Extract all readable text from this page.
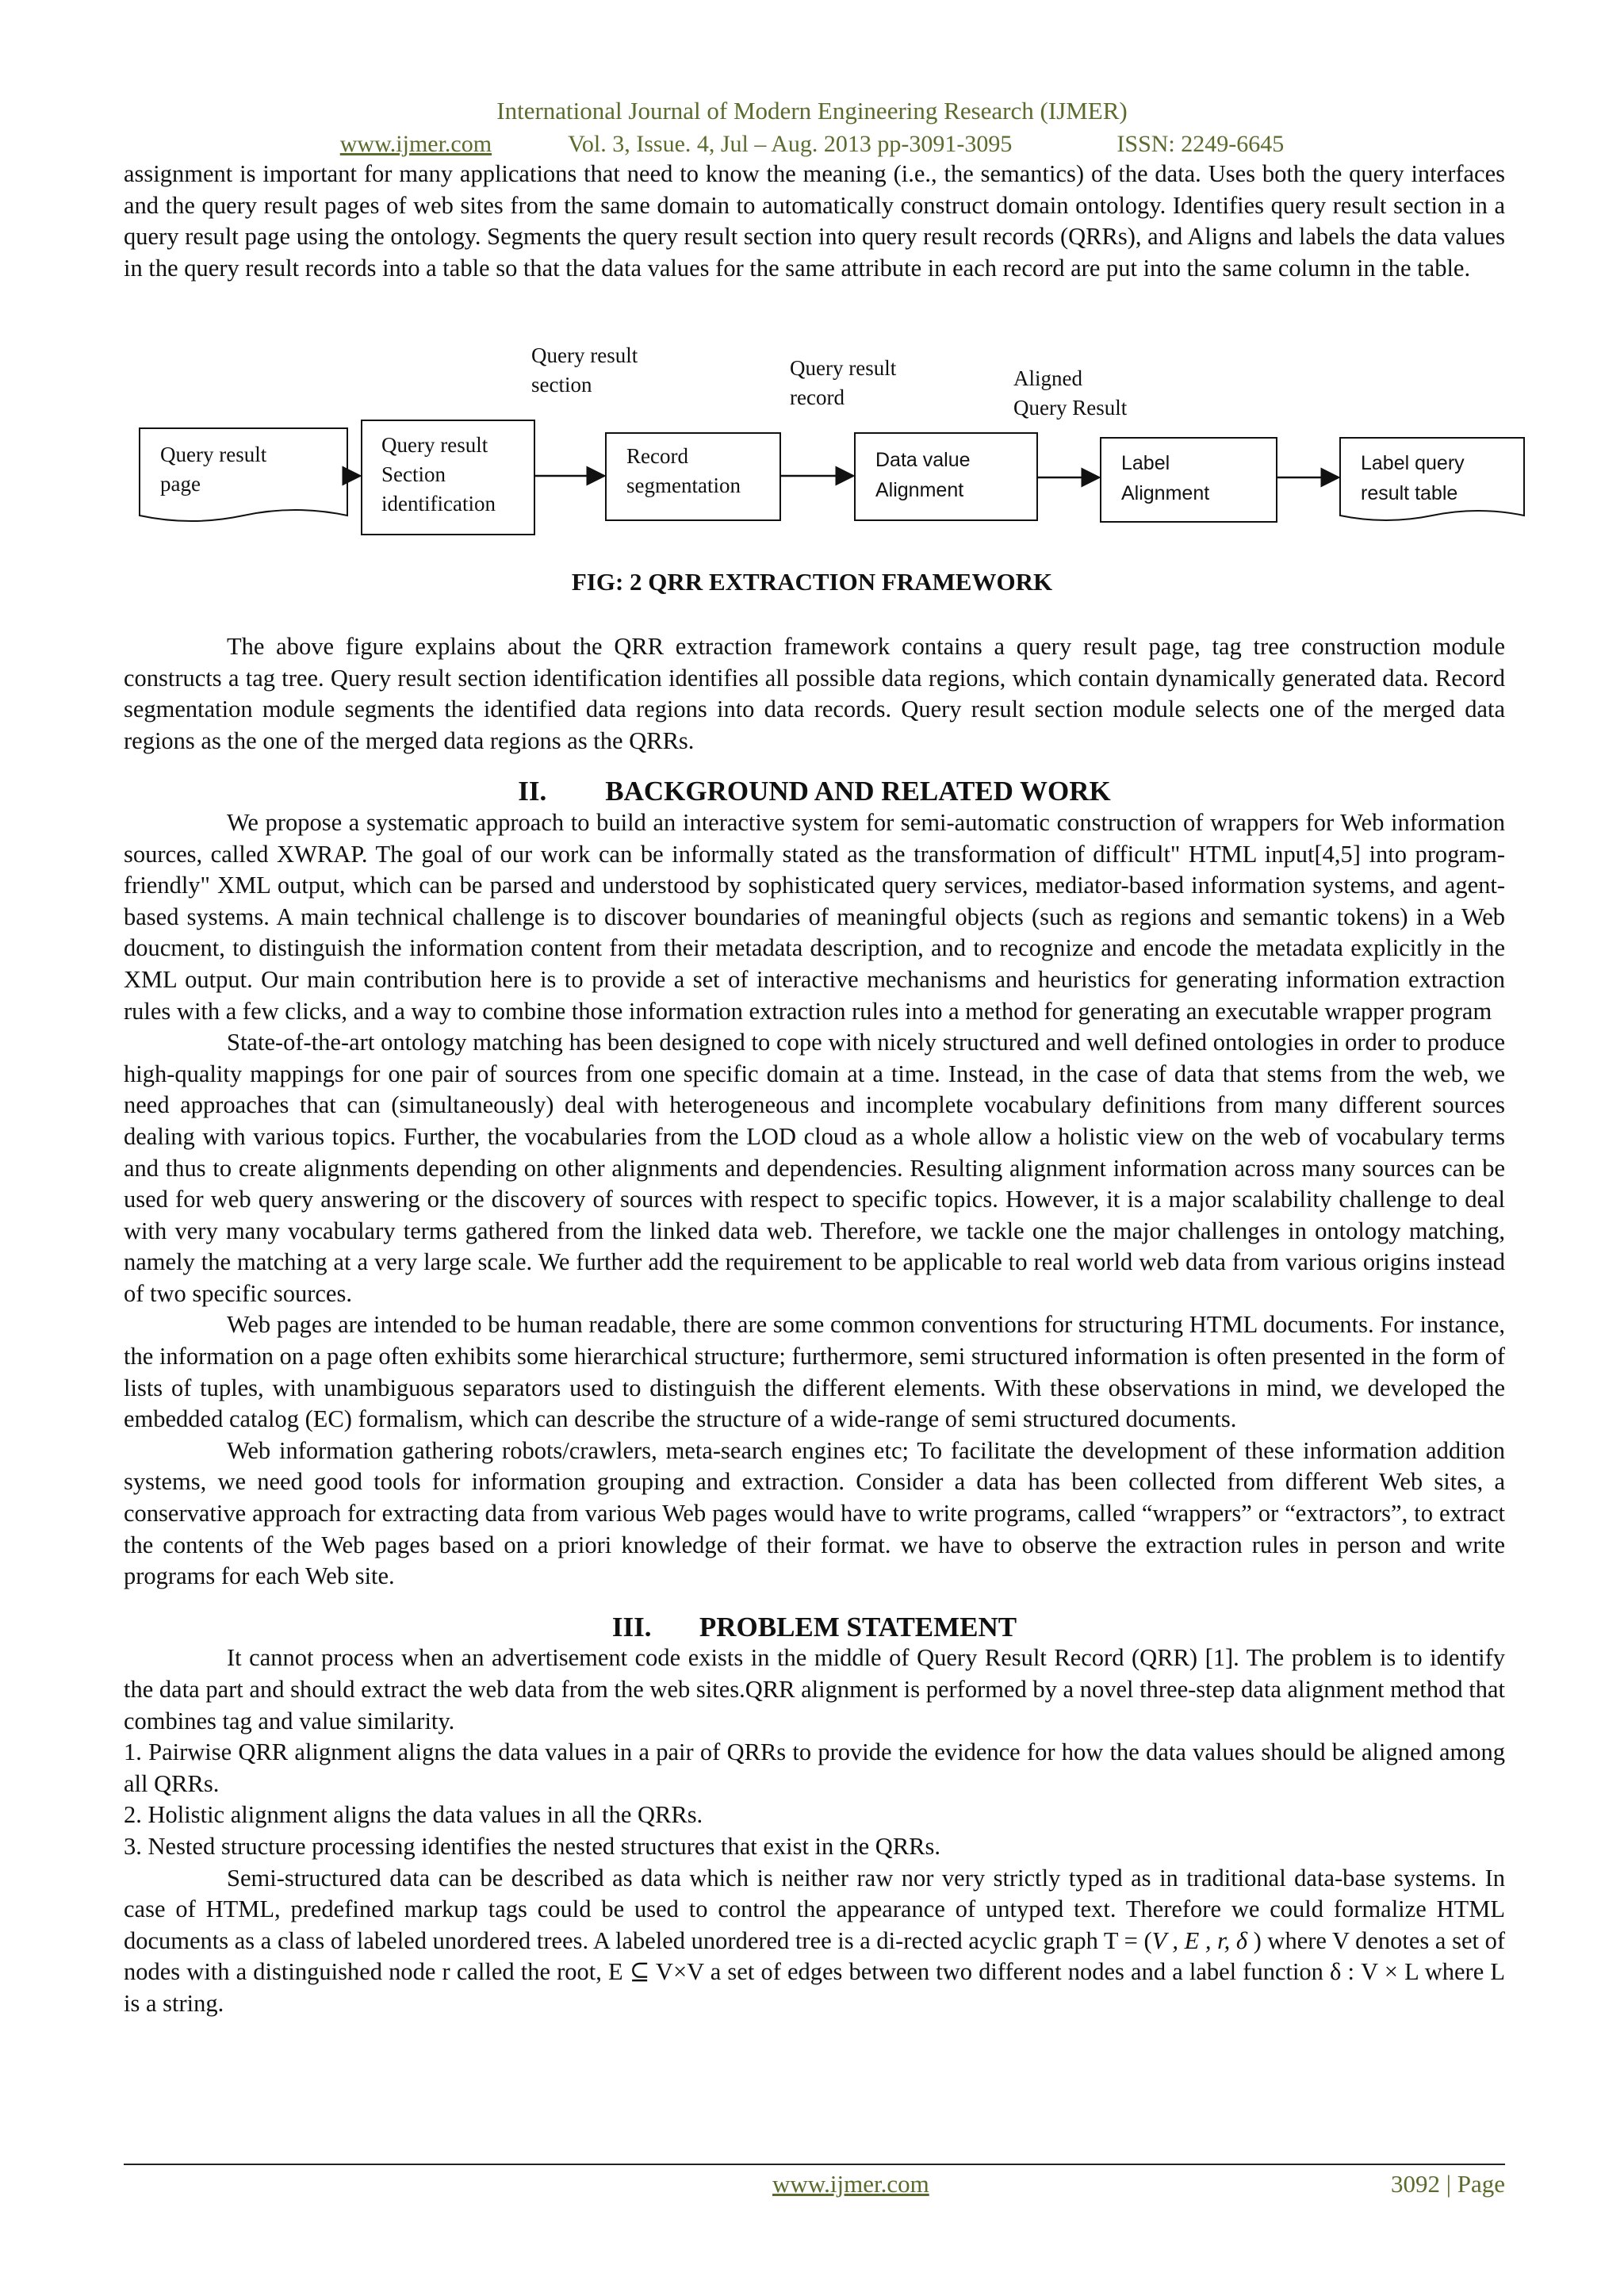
International Journal of Modern Engineering Research (IJMER)
www.ijmer.com	Vol. 3, Issue. 4, Jul – Aug. 2013 pp-3091-3095	ISSN: 2249-6645

assignment is important for many applications that need to know the meaning (i.e., the semantics) of the data. Uses both the query interfaces and the query result pages of web sites from the same domain to automatically construct domain ontology. Identifies query result section in a query result page using the ontology. Segments the query result section into query result records (QRRs), and Aligns and labels the data values in the query result records into a table so that the data values for the same attribute in each record are put into the same column in the table.

Query result
section
Query result
record
Aligned
Query Result
Query result
page
Query result
Section
identification
Record
segmentation
Data value
Alignment
Label
Alignment
Label query
result table
FIG: 2 QRR EXTRACTION FRAMEWORK

The above figure explains about the QRR extraction framework contains a query result page, tag tree construction module constructs a tag tree. Query result section identification identifies all possible data regions, which contain dynamically generated data. Record segmentation module segments the identified data regions into data records. Query result section module selects one of the merged data regions as the one of the merged data regions as the QRRs.

II. BACKGROUND AND RELATED WORK

We propose a systematic approach to build an interactive system for semi-automatic construction of wrappers for Web information sources, called XWRAP. The goal of our work can be informally stated as the transformation of difficult" HTML input[4,5] into program-friendly" XML output, which can be parsed and understood by sophisticated query services, mediator-based information systems, and agent-based systems. A main technical challenge is to discover boundaries of meaningful objects (such as regions and semantic tokens) in a Web doucment, to distinguish the information content from their metadata description, and to recognize and encode the metadata explicitly in the XML output. Our main contribution here is to provide a set of interactive mechanisms and heuristics for generating information extraction rules with a few clicks, and a way to combine those information extraction rules into a method for generating an executable wrapper program

State-of-the-art ontology matching has been designed to cope with nicely structured and well defined ontologies in order to produce high-quality mappings for one pair of sources from one specific domain at a time. Instead, in the case of data that stems from the web, we need approaches that can (simultaneously) deal with heterogeneous and incomplete vocabulary definitions from many different sources dealing with various topics. Further, the vocabularies from the LOD cloud as a whole allow a holistic view on the web of vocabulary terms and thus to create alignments depending on other alignments and dependencies. Resulting alignment information across many sources can be used for web query answering or the discovery of sources with respect to specific topics. However, it is a major scalability challenge to deal with very many vocabulary terms gathered from the linked data web. Therefore, we tackle one the major challenges in ontology matching, namely the matching at a very large scale. We further add the requirement to be applicable to real world web data from various origins instead of two specific sources.

Web pages are intended to be human readable, there are some common conventions for structuring HTML documents. For instance, the information on a page often exhibits some hierarchical structure; furthermore, semi structured information is often presented in the form of lists of tuples, with unambiguous separators used to distinguish the different elements. With these observations in mind, we developed the embedded catalog (EC) formalism, which can describe the structure of a wide-range of semi structured documents.

Web information gathering robots/crawlers, meta-search engines etc; To facilitate the development of these information addition systems, we need good tools for information grouping and extraction. Consider a data has been collected from different Web sites, a conservative approach for extracting data from various Web pages would have to write programs, called “wrappers” or “extractors”, to extract the contents of the Web pages based on a priori knowledge of their format. we have to observe the extraction rules in person and write programs for each Web site.

III. PROBLEM STATEMENT

It cannot process when an advertisement code exists in the middle of Query Result Record (QRR) [1]. The problem is to identify the data part and should extract the web data from the web sites.QRR alignment is performed by a novel three-step data alignment method that combines tag and value similarity.

1. Pairwise QRR alignment aligns the data values in a pair of QRRs to provide the evidence for how the data values should be aligned among all QRRs.

2. Holistic alignment aligns the data values in all the QRRs.

3. Nested structure processing identifies the nested structures that exist in the QRRs.

Semi-structured data can be described as data which is neither raw nor very strictly typed as in traditional data-base systems. In case of HTML, predefined markup tags could be used to control the appearance of untyped text. Therefore we could formalize HTML documents as a class of labeled unordered trees. A labeled unordered tree is a di-rected acyclic graph T = (V , E , r, δ ) where V denotes a set of nodes with a distinguished node r called the root, E ⊆ V×V a set of edges between two different nodes and a label function δ : V × L where L is a string.

www.ijmer.com	3092 | Page
